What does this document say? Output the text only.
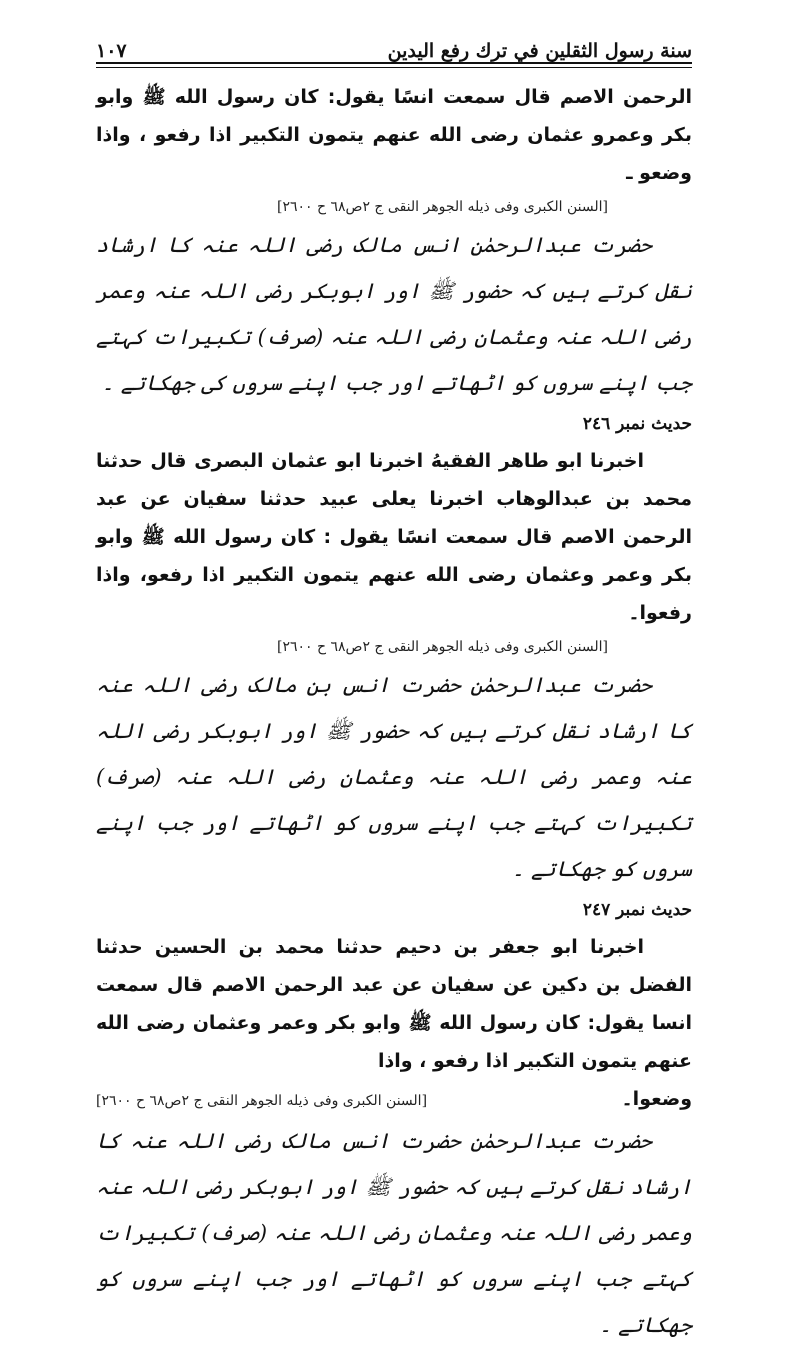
سنة رسول الثقلين في ترك رفع اليدين
١٠٧

الرحمن الاصم قال سمعت انسًا يقول: كان رسول الله ﷺ وابو بكر وعمرو عثمان رضى الله عنهم يتمون التكبير اذا رفعو ، واذا وضعو ـ

[السنن الكبرى وفى ذيله الجوهر النقى ج ٢ص٦٨ ح ٢٦٠٠]

حضرت عبدالرحمٰن انس مالک رضی اللہ عنہ کا ارشاد نقل کرتے ہیں کہ حضور ﷺ اور ابوبکر رضی اللہ عنہ وعمر رضی اللہ عنہ وعثمان رضی اللہ عنہ (صرف) تکبیرات کہتے جب اپنے سروں کو اٹھاتے اور جب اپنے سروں کی جھکاتے ۔

حدیث نمبر ٢٤٦

اخبرنا ابو طاهر الفقيهُ اخبرنا ابو عثمان البصرى قال حدثنا محمد بن عبدالوهاب اخبرنا يعلى عبيد حدثنا سفيان عن عبد الرحمن الاصم قال سمعت انسًا يقول : كان رسول الله ﷺ وابو بكر وعمر وعثمان رضى الله عنهم يتمون التكبير اذا رفعو، واذا رفعوا۔

[السنن الكبرى وفى ذيله الجوهر النقى ج ٢ص٦٨ ح ٢٦٠٠]

حضرت عبدالرحمٰن حضرت انس بن مالک رضی اللہ عنہ کا ارشاد نقل کرتے ہیں کہ حضور ﷺ اور ابوبکر رضی اللہ عنہ وعمر رضی اللہ عنہ وعثمان رضی اللہ عنہ (صرف) تکبیرات کہتے جب اپنے سروں کو اٹھاتے اور جب اپنے سروں کو جھکاتے ۔

حدیث نمبر ٢٤٧

اخبرنا ابو جعفر بن دحيم حدثنا محمد بن الحسين حدثنا الفضل بن دكين عن سفيان عن عبد الرحمن الاصم قال سمعت انسا يقول: كان رسول الله ﷺ وابو بكر وعمر وعثمان رضى الله عنهم يتمون التكبير اذا رفعو ، واذا

وضعوا۔
[السنن الكبرى وفى ذيله الجوهر النقى ج ٢ص٦٨ ح ٢٦٠٠]

حضرت عبدالرحمٰن حضرت انس مالک رضی اللہ عنہ کا ارشاد نقل کرتے ہیں کہ حضور ﷺ اور ابوبکر رضی اللہ عنہ وعمر رضی اللہ عنہ وعثمان رضی اللہ عنہ (صرف) تکبیرات کہتے جب اپنے سروں کو اٹھاتے اور جب اپنے سروں کو جھکاتے ۔
